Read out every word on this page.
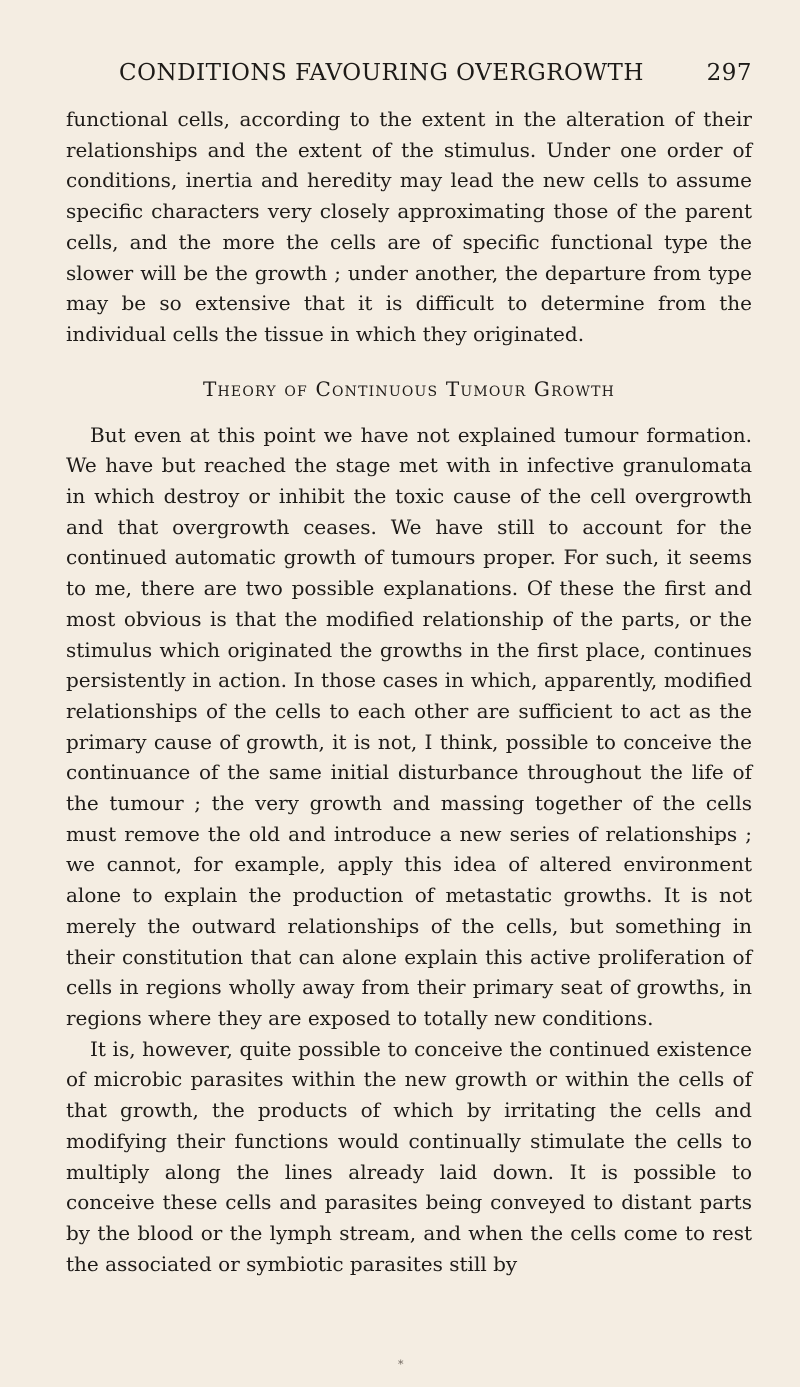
CONDITIONS FAVOURING OVERGROWTH	297

functional cells, according to the extent in the alteration of their relationships and the extent of the stimulus. Under one order of conditions, inertia and heredity may lead the new cells to assume specific characters very closely approximating those of the parent cells, and the more the cells are of specific functional type the slower will be the growth ; under another, the departure from type may be so extensive that it is difficult to determine from the individual cells the tissue in which they originated.

Theory of Continuous Tumour Growth

But even at this point we have not explained tumour formation. We have but reached the stage met with in infective granulomata in which destroy or inhibit the toxic cause of the cell overgrowth and that overgrowth ceases. We have still to account for the continued automatic growth of tumours proper. For such, it seems to me, there are two possible explanations. Of these the first and most obvious is that the modified relationship of the parts, or the stimulus which originated the growths in the first place, continues persistently in action. In those cases in which, apparently, modified relationships of the cells to each other are sufficient to act as the primary cause of growth, it is not, I think, possible to conceive the continuance of the same initial disturbance throughout the life of the tumour ; the very growth and massing together of the cells must remove the old and introduce a new series of relationships ; we cannot, for example, apply this idea of altered environment alone to explain the production of metastatic growths. It is not merely the outward relationships of the cells, but something in their constitution that can alone explain this active proliferation of cells in regions wholly away from their primary seat of growths, in regions where they are exposed to totally new conditions.

It is, however, quite possible to conceive the continued existence of microbic parasites within the new growth or within the cells of that growth, the products of which by irritating the cells and modifying their functions would continually stimulate the cells to multiply along the lines already laid down. It is possible to conceive these cells and parasites being conveyed to distant parts by the blood or the lymph stream, and when the cells come to rest the associated or symbiotic parasites still by

*
